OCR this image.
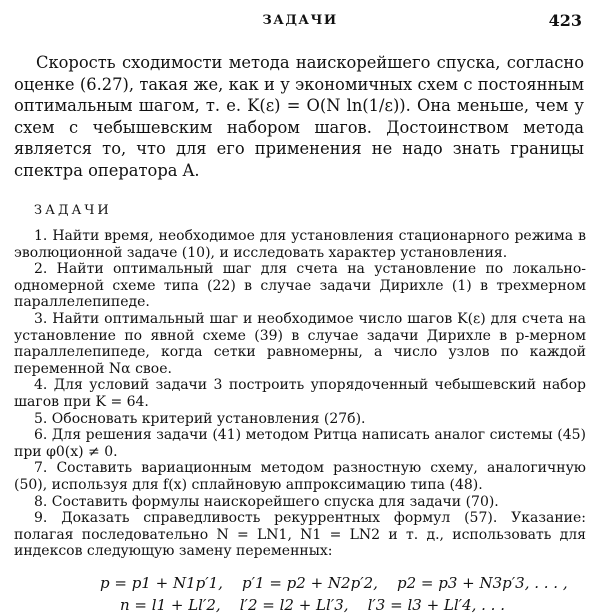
ЗАДАЧИ	423
Скорость сходимости метода наискорейшего спуска, согласно оценке (6.27), такая же, как и у экономичных схем с постоянным оптимальным шагом, т. е. K(ε) = O(N ln(1/ε)). Она меньше, чем у схем с чебышевским набором шагов. Достоинством метода является то, что для его применения не надо знать границы спектра оператора A.
ЗАДАЧИ

1. Найти время, необходимое для установления стационарного режима в эволюционной задаче (10), и исследовать характер установления.

2. Найти оптимальный шаг для счета на установление по локально-одномерной схеме типа (22) в случае задачи Дирихле (1) в трехмерном параллелепипеде.

3. Найти оптимальный шаг и необходимое число шагов K(ε) для счета на установление по явной схеме (39) в случае задачи Дирихле в p-мерном параллелепипеде, когда сетки равномерны, а число узлов по каждой переменной Nα свое.

4. Для условий задачи 3 построить упорядоченный чебышевский набор шагов при K = 64.

5. Обосновать критерий установления (27б).

6. Для решения задачи (41) методом Ритца написать аналог системы (45) при φ0(x) ≠ 0.

7. Составить вариационным методом разностную схему, аналогичную (50), используя для f(x) сплайновую аппроксимацию типа (48).

8. Составить формулы наискорейшего спуска для задачи (70).

9. Доказать справедливость рекуррентных формул (57). Указание: полагая последовательно N = LN1, N1 = LN2 и т. д., использовать для индексов следующую замену переменных:

p = p1 + N1p′1,    p′1 = p2 + N2p′2,    p2 = p3 + N3p′3, . . . ,
n = l1 + Ll′2,    l′2 = l2 + Ll′3,    l′3 = l3 + Ll′4, . . .
